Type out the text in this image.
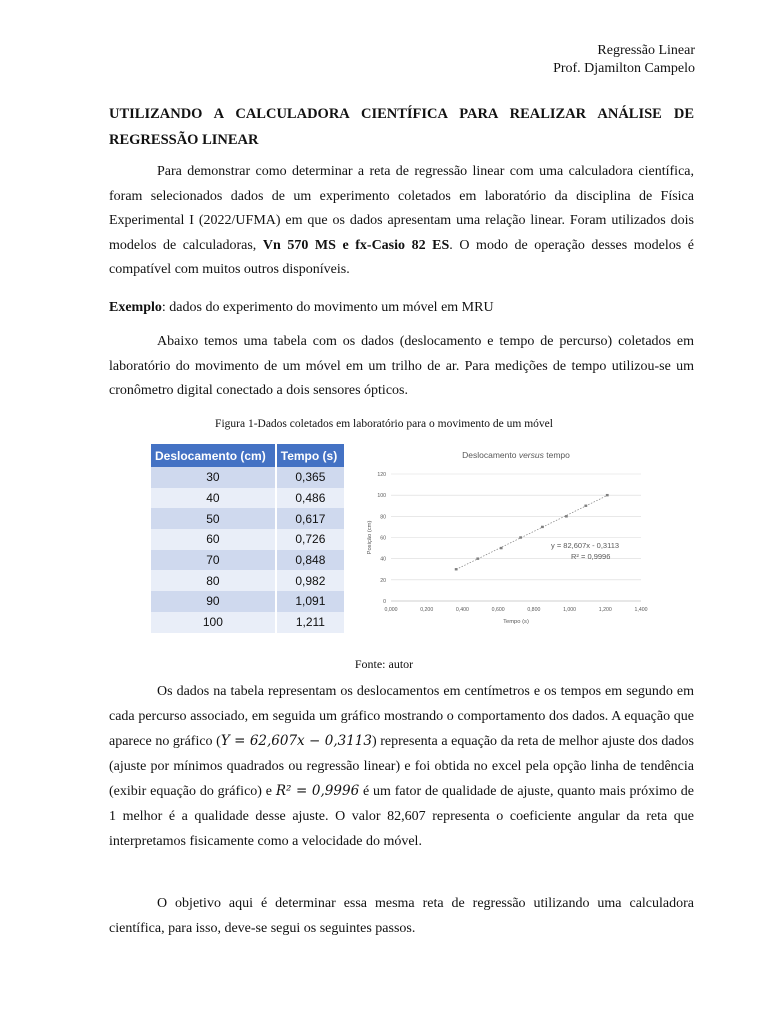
Regressão Linear
Prof. Djamilton Campelo
UTILIZANDO A CALCULADORA CIENTÍFICA PARA REALIZAR ANÁLISE DE REGRESSÃO LINEAR

Para demonstrar como determinar a reta de regressão linear com uma calculadora científica, foram selecionados dados de um experimento coletados em laboratório da disciplina de Física Experimental I (2022/UFMA) em que os dados apresentam uma relação linear. Foram utilizados dois modelos de calculadoras, Vn 570 MS e fx-Casio 82 ES. O modo de operação desses modelos é compatível com muitos outros disponíveis.

Exemplo: dados do experimento do movimento um móvel em MRU

Abaixo temos uma tabela com os dados (deslocamento e tempo de percurso) coletados em laboratório do movimento de um móvel em um trilho de ar. Para medições de tempo utilizou-se um cronômetro digital conectado a dois sensores ópticos.

Figura 1-Dados coletados em laboratório para o movimento de um móvel
Deslocamento (cm)	Tempo (s)
30	0,365
40	0,486
50	0,617
60	0,726
70	0,848
80	0,982
90	1,091
100	1,211
Deslocamento versus tempo
0
20
40
60
80
100
120
0,000	0,200	0,400	0,600	0,800	1,000	1,200	1,400
Tempo (s)
Posição (cm)	y = 82,607x - 0,3113
R² = 0,9996
Fonte: autor

Os dados na tabela representam os deslocamentos em centímetros e os tempos em segundo em cada percurso associado, em seguida um gráfico mostrando o comportamento dos dados. A equação que aparece no gráfico (Y = 62,607x − 0,3113) representa a equação da reta de melhor ajuste dos dados (ajuste por mínimos quadrados ou regressão linear) e foi obtida no excel pela opção linha de tendência (exibir equação do gráfico) e R² = 0,9996 é um fator de qualidade de ajuste, quanto mais próximo de 1 melhor é a qualidade desse ajuste. O valor 82,607 representa o coeficiente angular da reta que interpretamos fisicamente como a velocidade do móvel.

O objetivo aqui é determinar essa mesma reta de regressão utilizando uma calculadora científica, para isso, deve-se segui os seguintes passos.
